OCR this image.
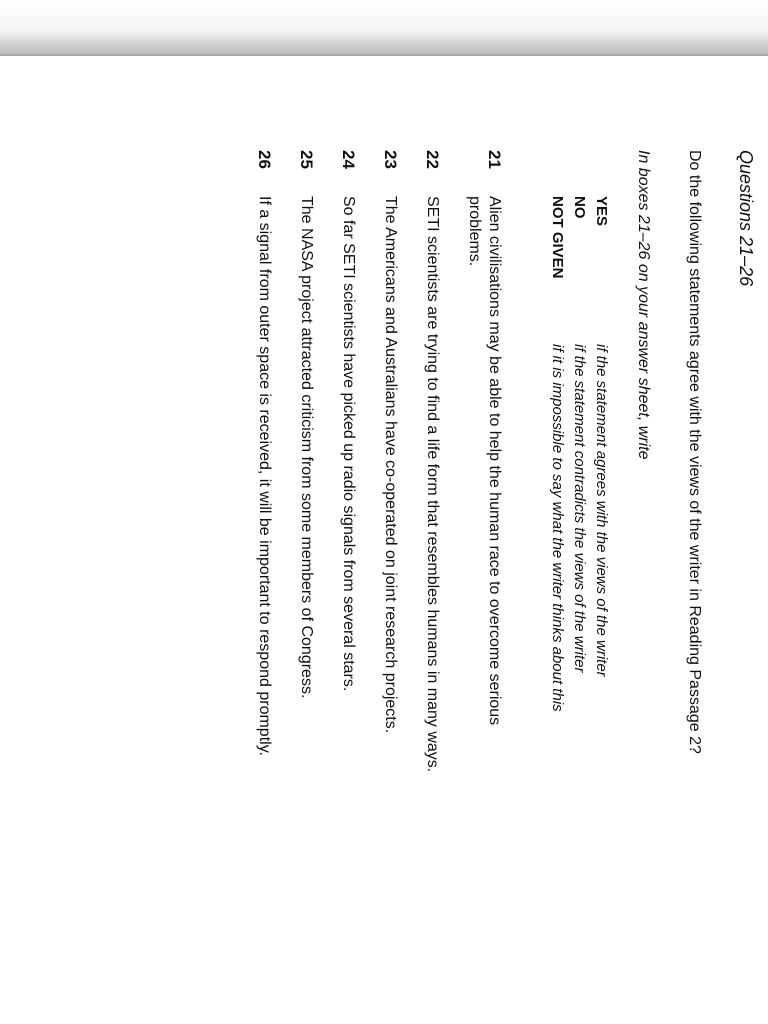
Questions 21–26
Do the following statements agree with the views of the writer in Reading Passage 2?
In boxes 21–26 on your answer sheet, write
YES
if the statement agrees with the views of the writer
NO
if the statement contradicts the views of the writer
NOT GIVEN
if it is impossible to say what the writer thinks about this
21
Alien civilisations may be able to help the human race to overcome serious
problems.
22
SETI scientists are trying to find a life form that resembles humans in many ways.
23
The Americans and Australians have co-operated on joint research projects.
24
So far SETI scientists have picked up radio signals from several stars.
25
The NASA project attracted criticism from some members of Congress.
26
If a signal from outer space is received, it will be important to respond promptly.
